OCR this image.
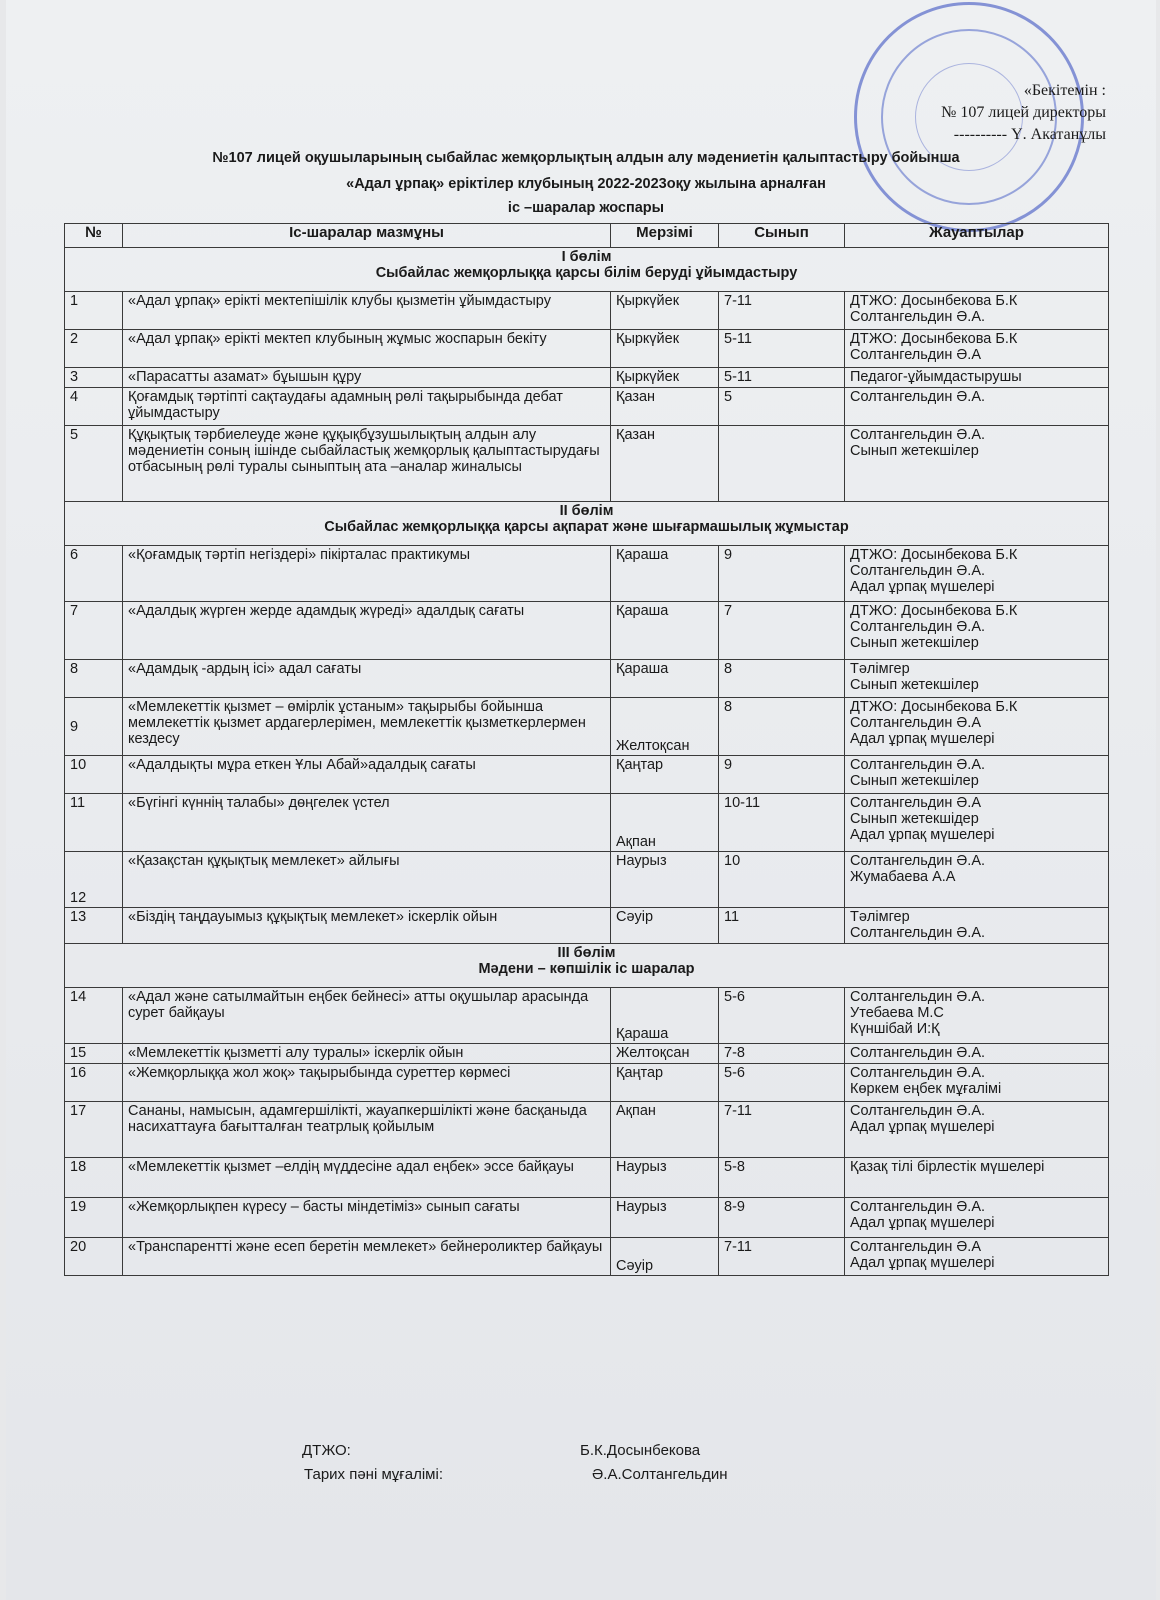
«Бекітемін :
№ 107 лицей директоры
---------- Ү. Акатанұлы
№107 лицей оқушыларының сыбайлас жемқорлықтың алдын алу мәдениетін қалыптастыру бойынша
«Адал ұрпақ» еріктілер клубының 2022-2023оқу жылына арналған
іс –шаралар жоспары
№	Іс-шаралар мазмұны	Мерзімі	Сынып	Жауаптылар

І бөлім
Сыбайлас жемқорлыққа қарсы білім беруді ұйымдастыру				

1	«Адал ұрпақ» ерікті мектепішілік клубы қызметін ұйымдастыру	Қыркүйек	7-11	ДТЖО: Досынбекова Б.К
Солтангельдин Ә.А.
2	«Адал ұрпақ» ерікті мектеп клубының жұмыс жоспарын бекіту	Қыркүйек	5-11	ДТЖО: Досынбекова Б.К
Солтангельдин Ә.А
3	«Парасатты азамат» бұышын құру	Қыркүйек	5-11	Педагог-ұйымдастырушы
4	Қоғамдық тәртіпті сақтаудағы адамның рөлі тақырыбында дебат ұйымдастыру	Қазан	5	Солтангельдин Ә.А.
5	Құқықтық тәрбиелеуде және құқықбұзушылықтың алдын алу мәдениетін соның ішінде сыбайластық жемқорлық қалыптастырудағы отбасының рөлі туралы сыныптың ата –аналар жиналысы	Қазан		Солтангельдин Ә.А.
Сынып жетекшілер

ІІ бөлім
Сыбайлас жемқорлыққа қарсы ақпарат және шығармашылық жұмыстар				

6	«Қоғамдық тәртіп негіздері» пікірталас практикумы	Қараша	9	ДТЖО: Досынбекова Б.К
Солтангельдин Ә.А.
Адал ұрпақ мүшелері
7	«Адалдық жүрген жерде адамдық жүреді» адалдық сағаты	Қараша	7	ДТЖО: Досынбекова Б.К
Солтангельдин Ә.А.
Сынып жетекшілер
8	«Адамдық -ардың ісі» адал сағаты	Қараша	8	Тәлімгер
Сынып жетекшілер
9	«Мемлекеттік қызмет – өмірлік ұстаным» тақырыбы бойынша мемлекеттік қызмет ардагерлерімен, мемлекеттік қызметкерлермен кездесу	Желтоқсан	8	ДТЖО: Досынбекова Б.К
Солтангельдин Ә.А
Адал ұрпақ мүшелері
10	«Адалдықты мұра еткен Ұлы Абай»адалдық сағаты	Қаңтар	9	Солтангельдин Ә.А.
Сынып жетекшілер
11	«Бүгінгі күннің талабы» дөңгелек үстел	Ақпан	10-11	Солтангельдин Ә.А
Сынып жетекшідер
Адал ұрпақ мүшелері
12	«Қазақстан құқықтық мемлекет» айлығы	Наурыз	10	Солтангельдин Ә.А.
Жумабаева А.А
13	«Біздің таңдауымыз құқықтық мемлекет» іскерлік ойын	Сәуір	11	Тәлімгер
Солтангельдин Ә.А.

ІІІ бөлім
Мәдени – көпшілік іс шаралар				

14	«Адал және сатылмайтын еңбек бейнесі» атты оқушылар арасында сурет байқауы	Қараша	5-6	Солтангельдин Ә.А.
Утебаева М.С
Күншібай И:Қ
15	«Мемлекеттік қызметті алу туралы» іскерлік ойын	Желтоқсан	7-8	Солтангельдин Ә.А.
16	«Жемқорлыққа жол жоқ» тақырыбында суреттер көрмесі	Қаңтар	5-6	Солтангельдин Ә.А.
Көркем еңбек мұғалімі
17	Сананы, намысын, адамгершілікті, жауапкершілікті және басқаныда насихаттауға бағытталған театрлық қойылым	Ақпан	7-11	Солтангельдин Ә.А.
Адал ұрпақ мүшелері
18	«Мемлекеттік қызмет –елдің мүддесіне адал еңбек» эссе байқауы	Наурыз	5-8	Қазақ тілі бірлестік мүшелері
19	«Жемқорлықпен күресу – басты міндетіміз» сынып сағаты	Наурыз	8-9	Солтангельдин Ә.А.
Адал ұрпақ мүшелері
20	«Транспарентті және есеп беретін мемлекет» бейнероликтер байқауы	Сәуір	7-11	Солтангельдин Ә.А
Адал ұрпақ мүшелері
ДТЖО:	Б.К.Досынбекова
Тарих пәні мұғалімі:	Ә.А.Солтангельдин
